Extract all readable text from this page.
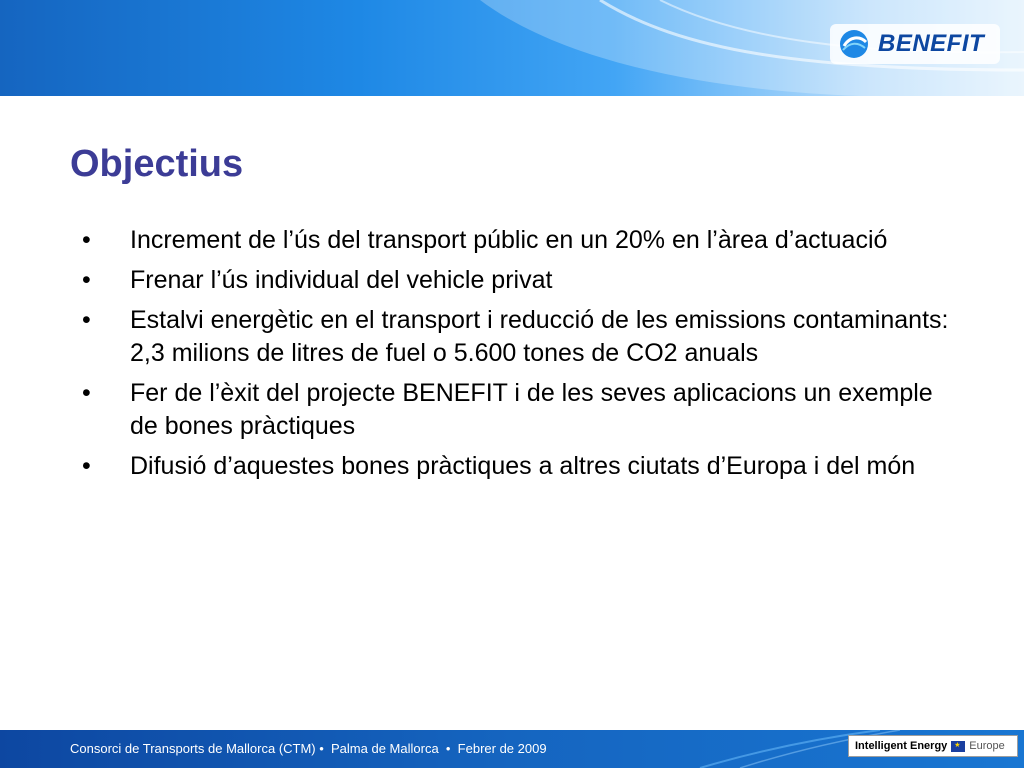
BENEFIT
Objectius
•	Increment de l’ús del transport públic en un 20% en l’àrea d’actuació
•	Frenar l’ús individual del vehicle privat
•	Estalvi energètic en el transport i reducció de les emissions contaminants: 2,3 milions de litres de fuel o 5.600 tones de CO2 anuals
•	Fer de l’èxit del projecte BENEFIT i de les seves aplicacions un exemple de bones pràctiques
•	Difusió d’aquestes bones pràctiques a altres ciutats d’Europa i del món
Consorci de Transports de Mallorca (CTM) •  Palma de Mallorca  •  Febrer de 2009	Intelligent Energy
★ Europe
